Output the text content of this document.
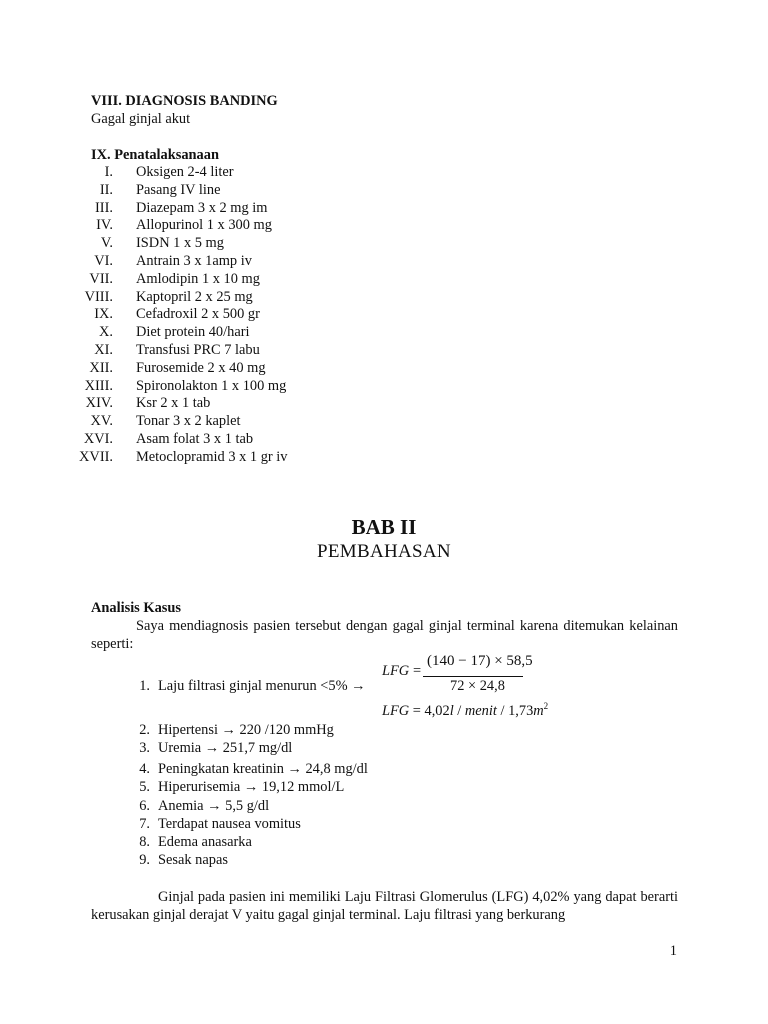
VIII. DIAGNOSIS BANDING
Gagal ginjal akut
IX. Penatalaksanaan
I. Oksigen 2-4 liter
II. Pasang IV line
III. Diazepam 3 x 2 mg im
IV. Allopurinol 1 x 300 mg
V. ISDN 1 x 5 mg
VI. Antrain 3 x 1amp iv
VII. Amlodipin 1 x 10 mg
VIII. Kaptopril 2 x 25 mg
IX. Cefadroxil 2 x 500 gr
X. Diet protein 40/hari
XI. Transfusi PRC 7 labu
XII. Furosemide 2 x 40 mg
XIII. Spironolakton 1 x 100 mg
XIV. Ksr 2 x 1 tab
XV. Tonar 3 x 2 kaplet
XVI. Asam folat 3 x 1 tab
XVII. Metoclopramid 3 x 1 gr iv
BAB II
PEMBAHASAN
Analisis Kasus
Saya mendiagnosis pasien tersebut dengan gagal ginjal terminal karena ditemukan kelainan seperti:
1. Laju filtrasi ginjal menurun <5% →
LFG =
(140 − 17) × 58,5
72 × 24,8
LFG = 4,02l / menit / $1,73m^2$
2. Hipertensi → 220 /120 mmHg
3. Uremia → 251,7 mg/dl
4. Peningkatan kreatinin → 24,8 mg/dl
5. Hiperurisemia → 19,12 mmol/L
6. Anemia → 5,5 g/dl
7. Terdapat nausea vomitus
8. Edema anasarka
9. Sesak napas
Ginjal pada pasien ini memiliki Laju Filtrasi Glomerulus (LFG) 4,02% yang dapat berarti kerusakan ginjal derajat V yaitu gagal ginjal terminal. Laju filtrasi yang berkurang
1
